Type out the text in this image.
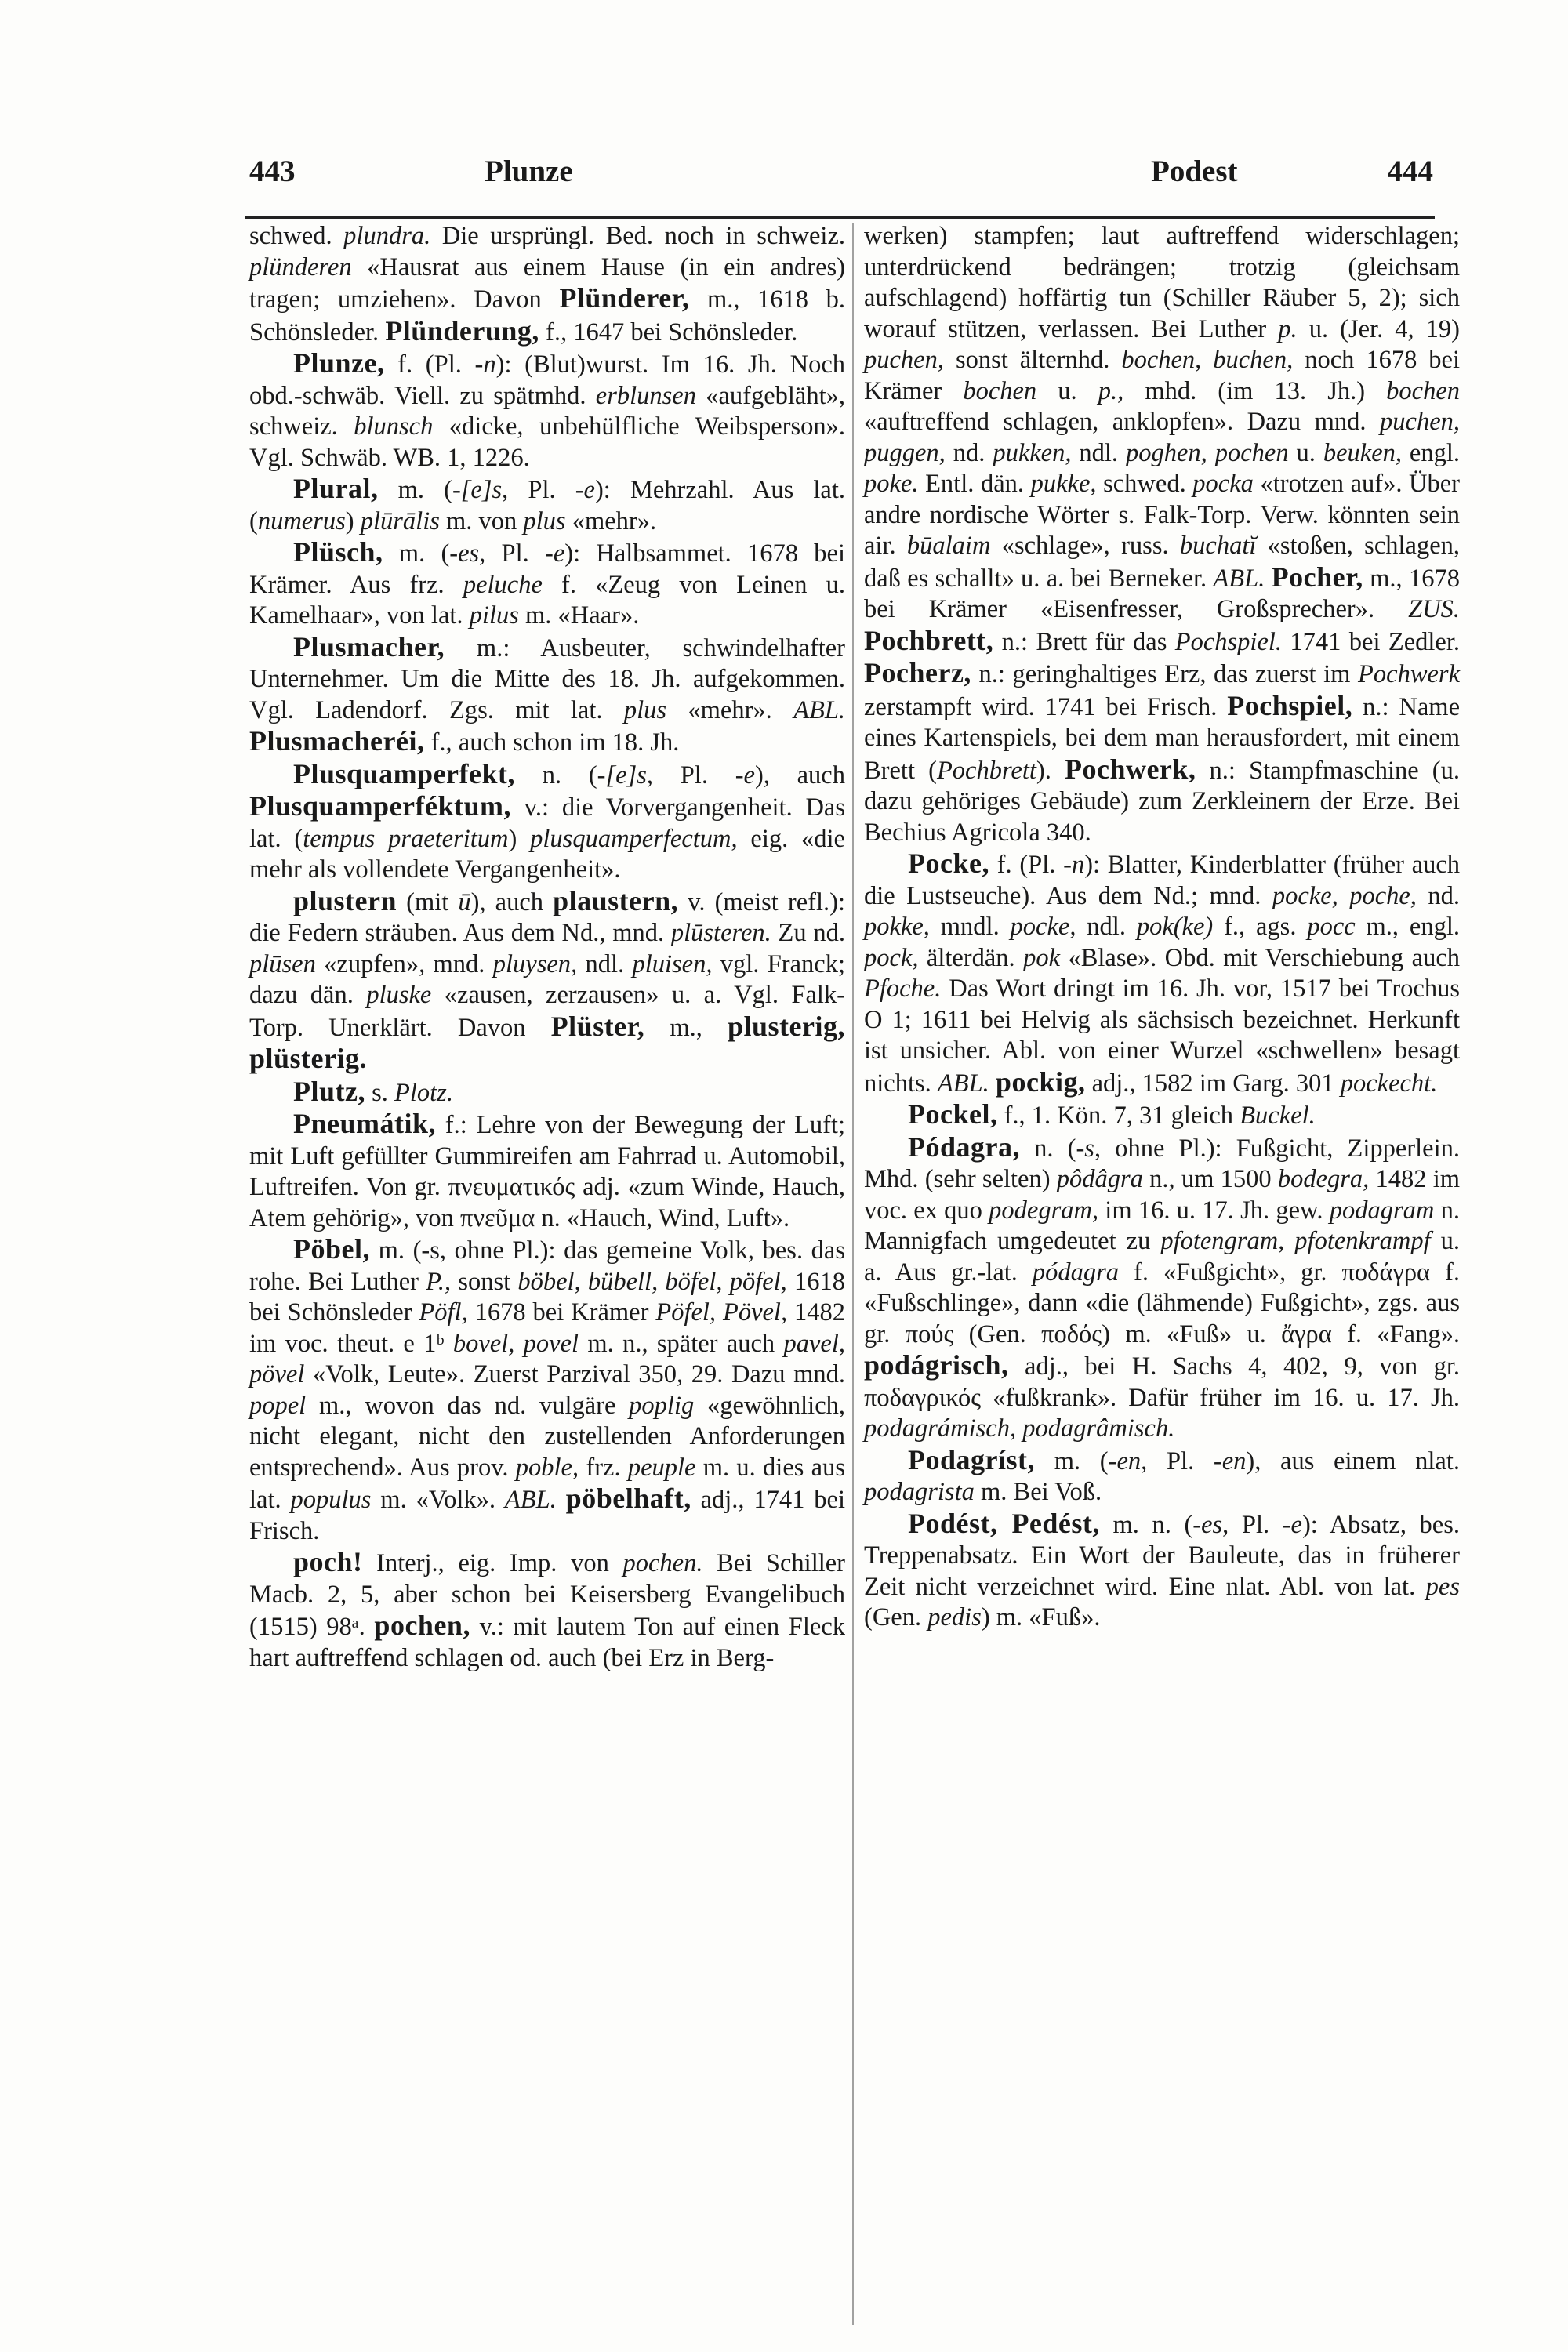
443	Plunze	Podest	444

schwed. plundra. Die ursprüngl. Bed. noch in schweiz. plünderen «Hausrat aus einem Hause (in ein andres) tragen; umziehen». Davon Plünderer, m., 1618 b. Schönsleder. Plünderung, f., 1647 bei Schönsleder.

Plunze, f. (Pl. -n): (Blut)wurst. Im 16. Jh. Noch obd.-schwäb. Viell. zu spätmhd. erblunsen «aufgebläht», schweiz. blunsch «dicke, unbehülfliche Weibsperson». Vgl. Schwäb. WB. 1, 1226.

Plural, m. (-[e]s, Pl. -e): Mehrzahl. Aus lat. (numerus) plūrālis m. von plus «mehr».

Plüsch, m. (-es, Pl. -e): Halbsammet. 1678 bei Krämer. Aus frz. peluche f. «Zeug von Leinen u. Kamelhaar», von lat. pilus m. «Haar».

Plusmacher, m.: Ausbeuter, schwindelhafter Unternehmer. Um die Mitte des 18. Jh. aufgekommen. Vgl. Ladendorf. Zgs. mit lat. plus «mehr». ABL. Plusmacheréi, f., auch schon im 18. Jh.

Plusquamperfekt, n. (-[e]s, Pl. -e), auch Plusquamperféktum, v.: die Vorvergangenheit. Das lat. (tempus praeteritum) plusquamperfectum, eig. «die mehr als vollendete Vergangenheit».

plustern (mit ū), auch plaustern, v. (meist refl.): die Federn sträuben. Aus dem Nd., mnd. plūsteren. Zu nd. plūsen «zupfen», mnd. pluysen, ndl. pluisen, vgl. Franck; dazu dän. pluske «zausen, zerzausen» u. a. Vgl. Falk-Torp. Unerklärt. Davon Plüster, m., plusterig, plüsterig.

Plutz, s. Plotz.

Pneumátik, f.: Lehre von der Bewegung der Luft; mit Luft gefüllter Gummireifen am Fahrrad u. Automobil, Luftreifen. Von gr. πνευματικός adj. «zum Winde, Hauch, Atem gehörig», von πνεῦμα n. «Hauch, Wind, Luft».

Pöbel, m. (-s, ohne Pl.): das gemeine Volk, bes. das rohe. Bei Luther P., sonst böbel, bübell, böfel, pöfel, 1618 bei Schönsleder Pöfl, 1678 bei Krämer Pöfel, Pövel, 1482 im voc. theut. e 1ᵇ bovel, povel m. n., später auch pavel, pövel «Volk, Leute». Zuerst Parzival 350, 29. Dazu mnd. popel m., wovon das nd. vulgäre poplig «gewöhnlich, nicht elegant, nicht den zustellenden Anforderungen entsprechend». Aus prov. poble, frz. peuple m. u. dies aus lat. populus m. «Volk». ABL. pöbelhaft, adj., 1741 bei Frisch.

poch! Interj., eig. Imp. von pochen. Bei Schiller Macb. 2, 5, aber schon bei Keisersberg Evangelibuch (1515) 98ᵃ. pochen, v.: mit lautem Ton auf einen Fleck hart auftreffend schlagen od. auch (bei Erz in Berg-

werken) stampfen; laut auftreffend widerschlagen; unterdrückend bedrängen; trotzig (gleichsam aufschlagend) hoffärtig tun (Schiller Räuber 5, 2); sich worauf stützen, verlassen. Bei Luther p. u. (Jer. 4, 19) puchen, sonst älternhd. bochen, buchen, noch 1678 bei Krämer bochen u. p., mhd. (im 13. Jh.) bochen «auftreffend schlagen, anklopfen». Dazu mnd. puchen, puggen, nd. pukken, ndl. poghen, pochen u. beuken, engl. poke. Entl. dän. pukke, schwed. pocka «trotzen auf». Über andre nordische Wörter s. Falk-Torp. Verw. könnten sein air. būalaim «schlage», russ. buchatĭ «stoßen, schlagen, daß es schallt» u. a. bei Berneker. ABL. Pocher, m., 1678 bei Krämer «Eisenfresser, Großsprecher». ZUS. Pochbrett, n.: Brett für das Pochspiel. 1741 bei Zedler. Pocherz, n.: geringhaltiges Erz, das zuerst im Pochwerk zerstampft wird. 1741 bei Frisch. Pochspiel, n.: Name eines Kartenspiels, bei dem man herausfordert, mit einem Brett (Pochbrett). Pochwerk, n.: Stampfmaschine (u. dazu gehöriges Gebäude) zum Zerkleinern der Erze. Bei Bechius Agricola 340.

Pocke, f. (Pl. -n): Blatter, Kinderblatter (früher auch die Lustseuche). Aus dem Nd.; mnd. pocke, poche, nd. pokke, mndl. pocke, ndl. pok(ke) f., ags. pocc m., engl. pock, älterdän. pok «Blase». Obd. mit Verschiebung auch Pfoche. Das Wort dringt im 16. Jh. vor, 1517 bei Trochus O 1; 1611 bei Helvig als sächsisch bezeichnet. Herkunft ist unsicher. Abl. von einer Wurzel «schwellen» besagt nichts. ABL. pockig, adj., 1582 im Garg. 301 pockecht.

Pockel, f., 1. Kön. 7, 31 gleich Buckel.

Pódagra, n. (-s, ohne Pl.): Fußgicht, Zipperlein. Mhd. (sehr selten) pôdâgra n., um 1500 bodegra, 1482 im voc. ex quo podegram, im 16. u. 17. Jh. gew. podagram n. Mannigfach umgedeutet zu pfotengram, pfotenkrampf u. a. Aus gr.-lat. pódagra f. «Fußgicht», gr. ποδάγρα f. «Fußschlinge», dann «die (lähmende) Fußgicht», zgs. aus gr. πούς (Gen. ποδός) m. «Fuß» u. ἄγρα f. «Fang». podágrisch, adj., bei H. Sachs 4, 402, 9, von gr. ποδαγρικός «fußkrank». Dafür früher im 16. u. 17. Jh. podagrámisch, podagrâmisch.

Podagríst, m. (-en, Pl. -en), aus einem nlat. podagrista m. Bei Voß.

Podést, Pedést, m. n. (-es, Pl. -e): Absatz, bes. Treppenabsatz. Ein Wort der Bauleute, das in früherer Zeit nicht verzeichnet wird. Eine nlat. Abl. von lat. pes (Gen. pedis) m. «Fuß».
